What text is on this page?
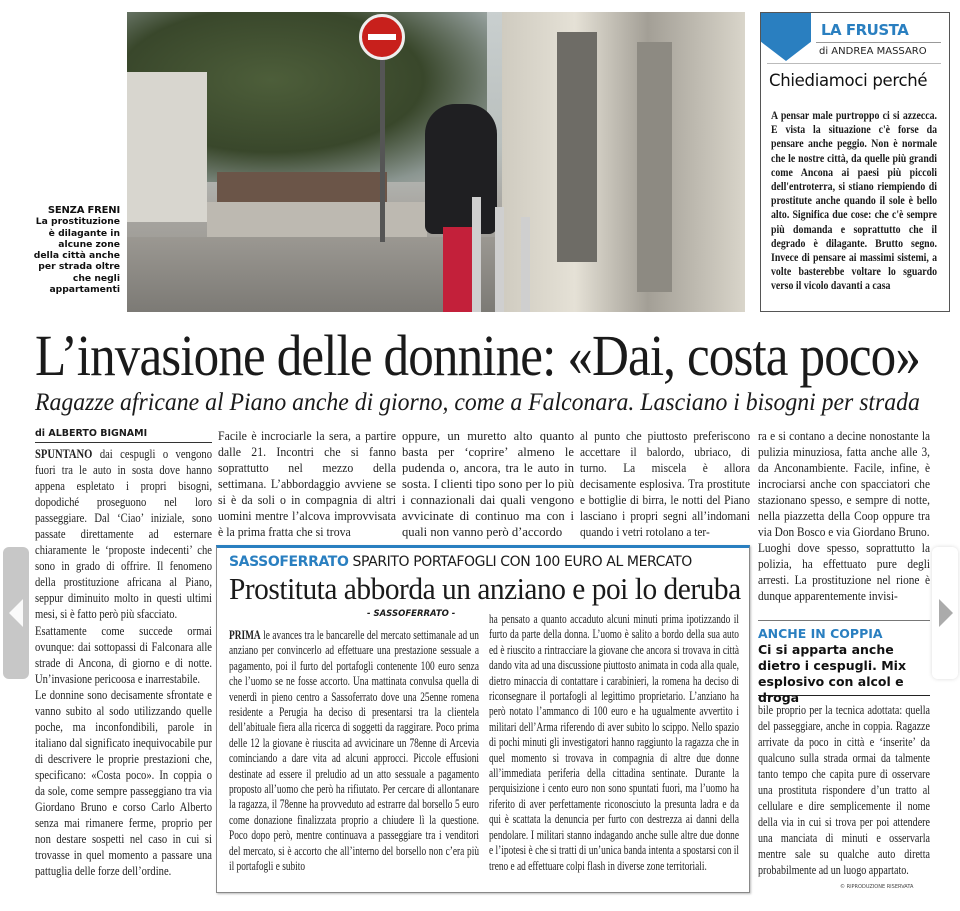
SENZA FRENI
La prostituzione è dilagante in alcune zone della città anche per strada oltre che negli appartamenti
LA FRUSTA
di ANDREA MASSARO
Chiediamoci perché
A pensar male purtroppo ci si azzecca. E vista la situazione c'è forse da pensare anche peggio. Non è normale che le nostre città, da quelle più grandi come Ancona ai paesi più piccoli dell'entroterra, si stiano riempiendo di prostitute anche quando il sole è bello alto. Significa due cose: che c'è sempre più domanda e soprattutto che il degrado è dilagante. Brutto segno. Invece di pensare ai massimi sistemi, a volte basterebbe voltare lo sguardo verso il vicolo davanti a casa
L’invasione delle donnine: «Dai, costa poco»
Ragazze africane al Piano anche di giorno, come a Falconara. Lasciano i bisogni per strada
di ALBERTO BIGNAMI

SPUNTANO dai cespugli o vengono fuori tra le auto in sosta dove hanno appena espletato i propri bisogni, dopodiché proseguono nel loro passeggiare. Dal ‘Ciao’ iniziale, sono passate direttamente ad esternare chiaramente le ‘proposte indecenti’ che sono in grado di offrire. Il fenomeno della prostituzione africana al Piano, seppur diminuito molto in questi ultimi mesi, si è fatto però più sfacciato.

Esattamente come succede ormai ovunque: dai sottopassi di Falconara alle strade di Ancona, di giorno e di notte. Un’invasione pericoosa e inarrestabile.

Le donnine sono decisamente sfrontate e vanno subito al sodo utilizzando quelle poche, ma inconfondibili, parole in italiano dal significato inequivocabile pur di descrivere le proprie prestazioni che, specificano: «Costa poco». In coppia o da sole, come sempre passeggiano tra via Giordano Bruno e corso Carlo Alberto senza mai rimanere ferme, proprio per non destare sospetti nel caso in cui si trovasse in quel momento a passare una pattuglia delle forze dell’ordine.

Facile è incrociarle la sera, a partire dalle 21. Incontri che si fanno soprattutto nel mezzo della settimana. L’abbordaggio avviene se si è da soli o in compagnia di altri uomini mentre l’alcova improvvisata è la prima fratta che si trova
oppure, un muretto alto quanto basta per ‘coprire’ almeno le pudenda o, ancora, tra le auto in sosta. I clienti tipo sono per lo più i connazionali dai quali vengono avvicinate di continuo ma con i quali non vanno però d’accordo
al punto che piuttosto preferiscono accettare il balordo, ubriaco, di turno. La miscela è allora decisamente esplosiva. Tra prostitute e bottiglie di birra, le notti del Piano lasciano i propri segni all’indomani quando i vetri rotolano a ter-

ra e si contano a decine nonostante la pulizia minuziosa, fatta anche alle 3, da Anconambiente. Facile, infine, è incrociarsi anche con spacciatori che stazionano spesso, e sempre di notte, nella piazzetta della Coop oppure tra via Don Bosco e via Giordano Bruno.

Luoghi dove spesso, soprattutto la polizia, ha effettuato pure degli arresti. La prostituzione nel rione è dunque apparentemente invisi-

ANCHE IN COPPIA
Ci si apparta anche dietro i cespugli. Mix esplosivo con alcol e droga
bile proprio per la tecnica adottata: quella del passeggiare, anche in coppia. Ragazze arrivate da poco in città e ‘inserite’ da qualcuno sulla strada ormai da talmente tanto tempo che capita pure di osservare una prostituta rispondere d’un tratto al cellulare e dire semplicemente il nome della via in cui si trova per poi attendere una manciata di minuti e osservarla mentre sale su qualche auto diretta probabilmente ad un luogo appartato.
© RIPRODUZIONE RISERVATA
SASSOFERRATO SPARITO PORTAFOGLI CON 100 EURO AL MERCATO
Prostituta abborda un anziano e poi lo deruba
- SASSOFERRATO -
PRIMA le avances tra le bancarelle del mercato settimanale ad un anziano per convincerlo ad effettuare una prestazione sessuale a pagamento, poi il furto del portafogli contenente 100 euro senza che l’uomo se ne fosse accorto. Una mattinata convulsa quella di venerdì in pieno centro a Sassoferrato dove una 25enne romena residente a Perugia ha deciso di presentarsi tra la clientela dell’abituale fiera alla ricerca di soggetti da raggirare. Poco prima delle 12 la giovane è riuscita ad avvicinare un 78enne di Arcevia cominciando a dare vita ad alcuni approcci. Piccole effusioni destinate ad essere il preludio ad un atto sessuale a pagamento proposto all’uomo che però ha rifiutato. Per cercare di allontanare la ragazza, il 78enne ha provveduto ad estrarre dal borsello 5 euro come donazione finalizzata proprio a chiudere lì la questione. Poco dopo però, mentre continuava a passeggiare tra i venditori del mercato, si è accorto che all’interno del borsello non c’era più il portafogli e subito
ha pensato a quanto accaduto alcuni minuti prima ipotizzando il furto da parte della donna. L’uomo è salito a bordo della sua auto ed è riuscito a rintracciare la giovane che ancora si trovava in città dando vita ad una discussione piuttosto animata in coda alla quale, dietro minaccia di contattare i carabinieri, la romena ha deciso di riconsegnare il portafogli al legittimo proprietario. L’anziano ha però notato l’ammanco di 100 euro e ha ugualmente avvertito i militari dell’Arma riferendo di aver subito lo scippo. Nello spazio di pochi minuti gli investigatori hanno raggiunto la ragazza che in quel momento si trovava in compagnia di altre due donne all’immediata periferia della cittadina sentinate. Durante la perquisizione i cento euro non sono spuntati fuori, ma l’uomo ha riferito di aver perfettamente riconosciuto la presunta ladra e da qui è scattata la denuncia per furto con destrezza ai danni della pendolare. I militari stanno indagando anche sulle altre due donne e l’ipotesi è che si tratti di un’unica banda intenta a spostarsi con il treno e ad effettuare colpi flash in diverse zone territoriali.
